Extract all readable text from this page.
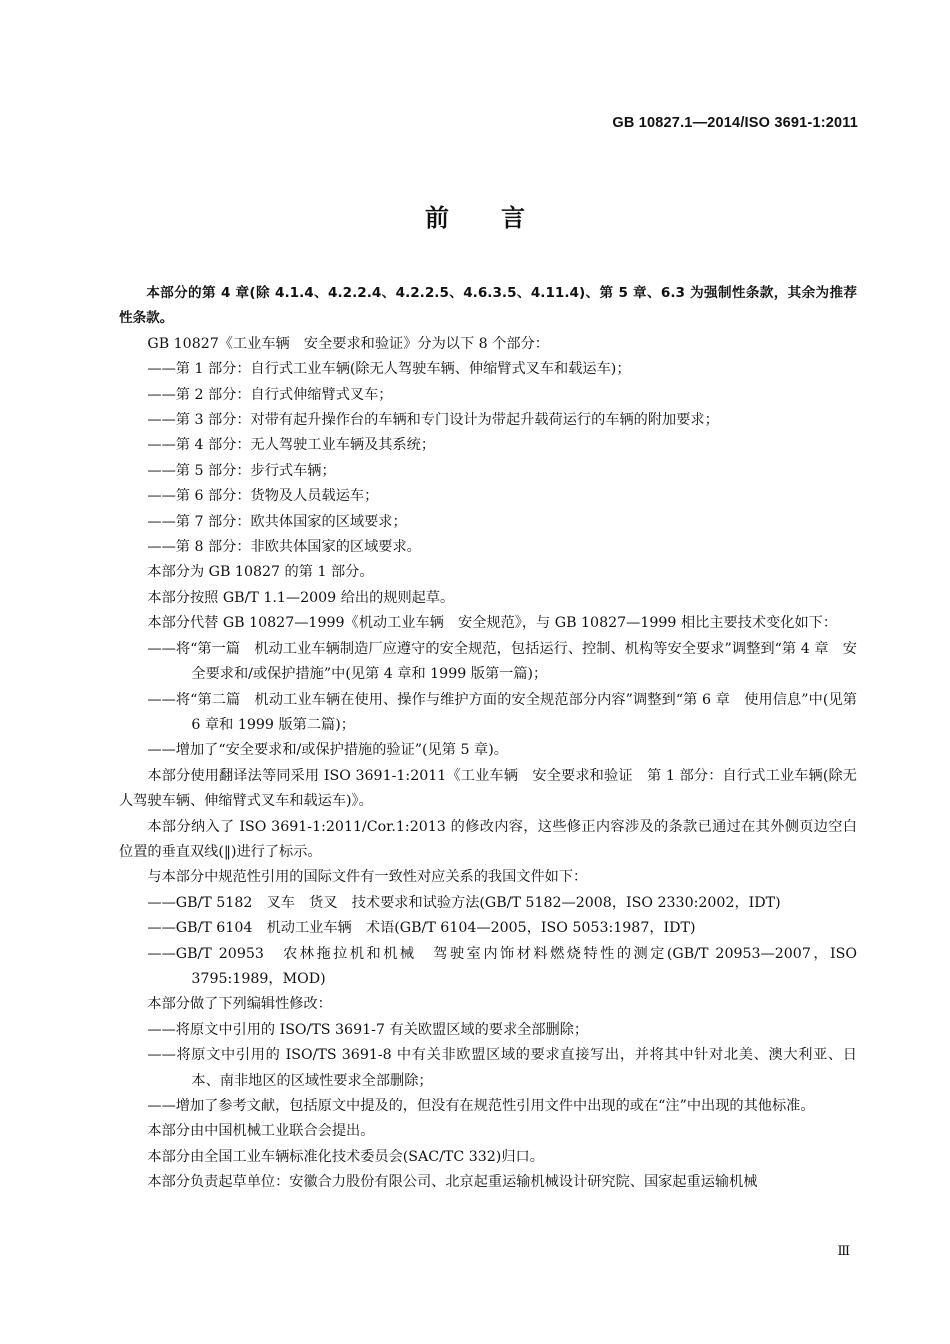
GB 10827.1—2014/ISO 3691-1:2011
前言

本部分的第 4 章(除 4.1.4、4.2.2.4、4.2.2.5、4.6.3.5、4.11.4)、第 5 章、6.3 为强制性条款，其余为推荐性条款。

GB 10827《工业车辆　安全要求和验证》分为以下 8 个部分：

——第 1 部分：自行式工业车辆(除无人驾驶车辆、伸缩臂式叉车和载运车)；

——第 2 部分：自行式伸缩臂式叉车；

——第 3 部分：对带有起升操作台的车辆和专门设计为带起升载荷运行的车辆的附加要求；

——第 4 部分：无人驾驶工业车辆及其系统；

——第 5 部分：步行式车辆；

——第 6 部分：货物及人员载运车；

——第 7 部分：欧共体国家的区域要求；

——第 8 部分：非欧共体国家的区域要求。

本部分为 GB 10827 的第 1 部分。

本部分按照 GB/T 1.1—2009 给出的规则起草。

本部分代替 GB 10827—1999《机动工业车辆　安全规范》，与 GB 10827—1999 相比主要技术变化如下：

——将“第一篇　机动工业车辆制造厂应遵守的安全规范，包括运行、控制、机构等安全要求”调整到“第 4 章　安全要求和/或保护措施”中(见第 4 章和 1999 版第一篇)；

——将“第二篇　机动工业车辆在使用、操作与维护方面的安全规范部分内容”调整到“第 6 章　使用信息”中(见第 6 章和 1999 版第二篇)；

——增加了“安全要求和/或保护措施的验证”(见第 5 章)。

本部分使用翻译法等同采用 ISO 3691-1:2011《工业车辆　安全要求和验证　第 1 部分：自行式工业车辆(除无人驾驶车辆、伸缩臂式叉车和载运车)》。

本部分纳入了 ISO 3691-1:2011/Cor.1:2013 的修改内容，这些修正内容涉及的条款已通过在其外侧页边空白位置的垂直双线(‖)进行了标示。

与本部分中规范性引用的国际文件有一致性对应关系的我国文件如下：

——GB/T 5182　叉车　货叉　技术要求和试验方法(GB/T 5182—2008，ISO 2330:2002，IDT)

——GB/T 6104　机动工业车辆　术语(GB/T 6104—2005，ISO 5053:1987，IDT)

——GB/T 20953　农林拖拉机和机械　驾驶室内饰材料燃烧特性的测定(GB/T 20953—2007，ISO 3795:1989，MOD)

本部分做了下列编辑性修改：

——将原文中引用的 ISO/TS 3691-7 有关欧盟区域的要求全部删除；

——将原文中引用的 ISO/TS 3691-8 中有关非欧盟区域的要求直接写出，并将其中针对北美、澳大利亚、日本、南非地区的区域性要求全部删除；

——增加了参考文献，包括原文中提及的，但没有在规范性引用文件中出现的或在“注”中出现的其他标准。

本部分由中国机械工业联合会提出。

本部分由全国工业车辆标准化技术委员会(SAC/TC 332)归口。

本部分负责起草单位：安徽合力股份有限公司、北京起重运输机械设计研究院、国家起重运输机械

Ⅲ
